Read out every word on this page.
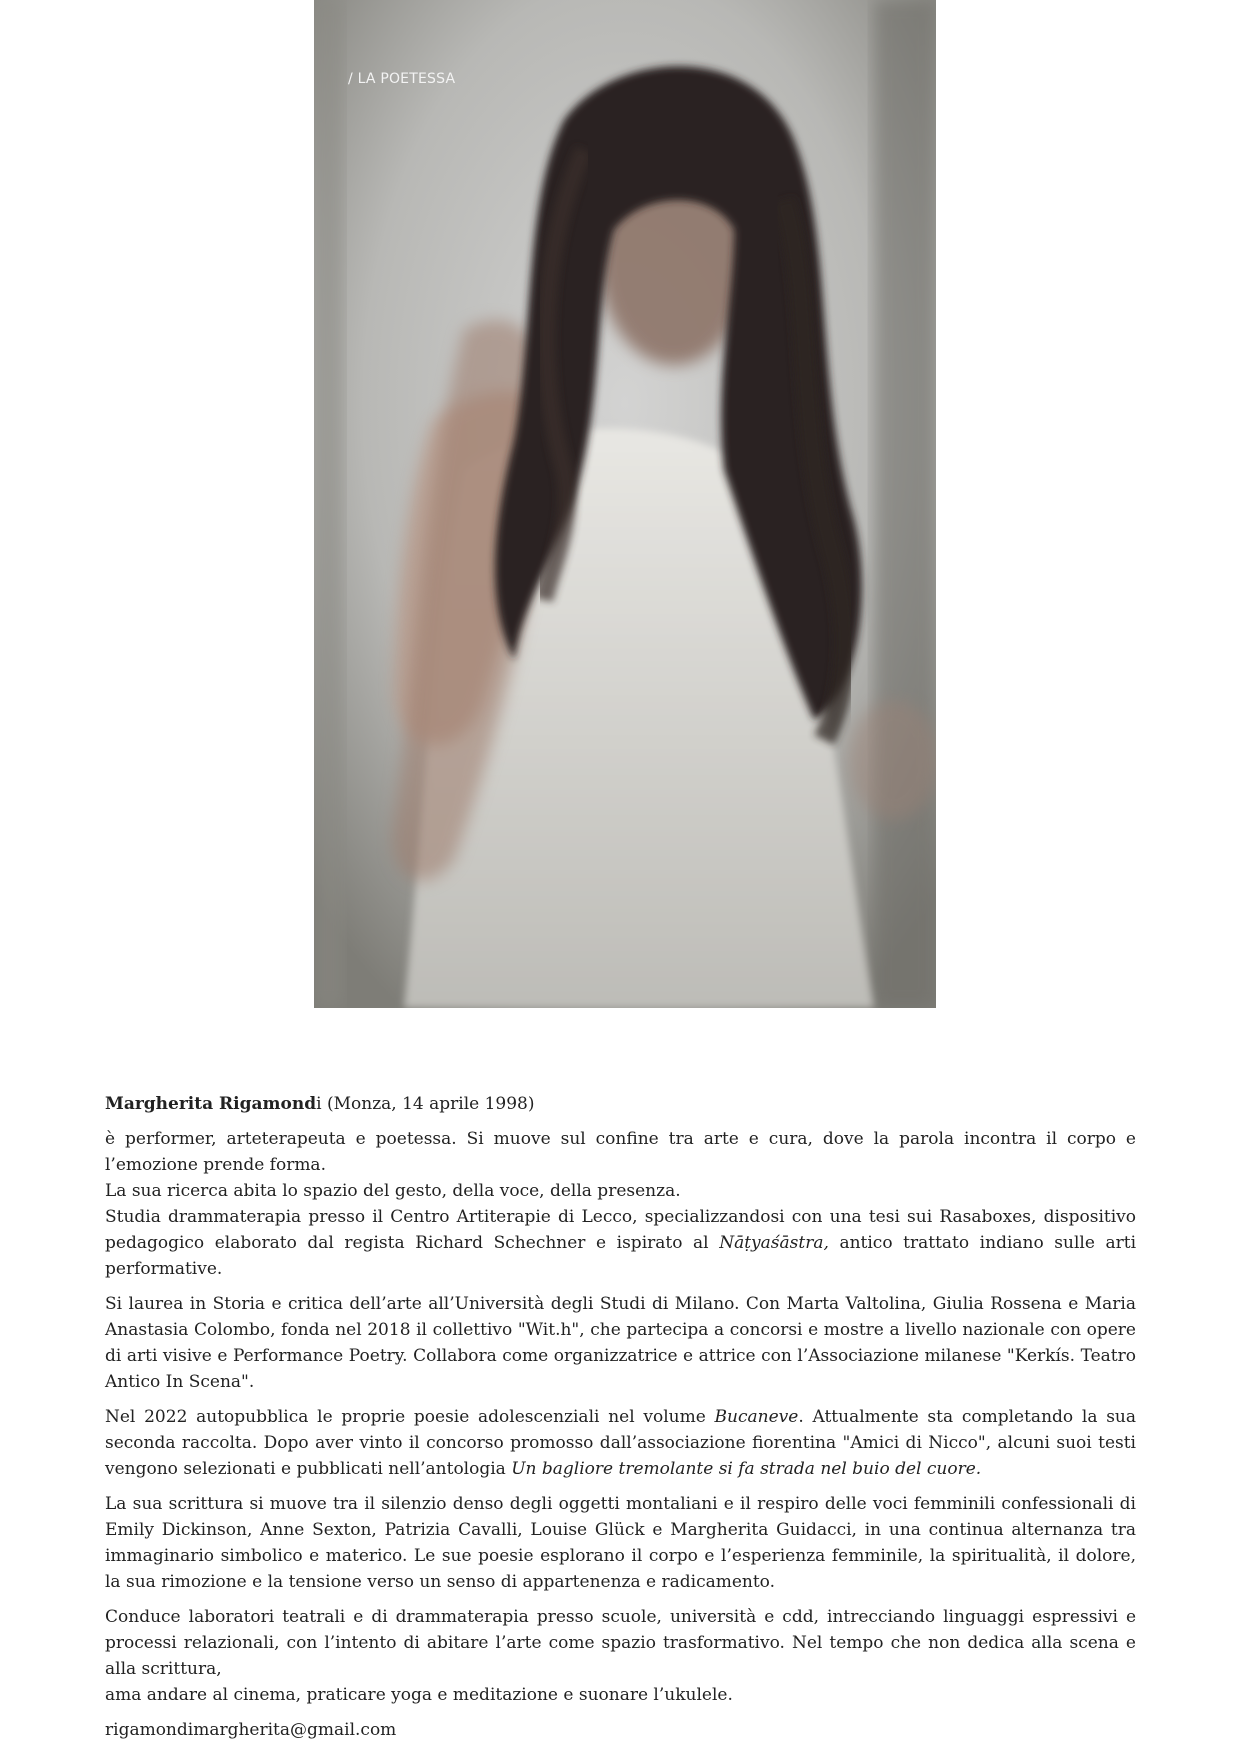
/ LA POETESSA

Margherita Rigamondi (Monza, 14 aprile 1998)

è performer, arteterapeuta e poetessa. Si muove sul confine tra arte e cura, dove la parola incontra il corpo e l’emozione prende forma.
La sua ricerca abita lo spazio del gesto, della voce, della presenza.
Studia drammaterapia presso il Centro Artiterapie di Lecco, specializzandosi con una tesi sui Rasaboxes, dispositivo pedagogico elaborato dal regista Richard Schechner e ispirato al Nāṭyaśāstra, antico trattato indiano sulle arti performative.

Si laurea in Storia e critica dell’arte all’Università degli Studi di Milano. Con Marta Valtolina, Giulia Rossena e Maria Anastasia Colombo, fonda nel 2018 il collettivo "Wit.h", che partecipa a concorsi e mostre a livello nazionale con opere di arti visive e Performance Poetry. Collabora come organizzatrice e attrice con l’Associazione milanese "Kerkís. Teatro Antico In Scena".

Nel 2022 autopubblica le proprie poesie adolescenziali nel volume Bucaneve. Attualmente sta completando la sua seconda raccolta. Dopo aver vinto il concorso promosso dall’associazione fiorentina "Amici di Nicco", alcuni suoi testi vengono selezionati e pubblicati nell’antologia Un bagliore tremolante si fa strada nel buio del cuore.

La sua scrittura si muove tra il silenzio denso degli oggetti montaliani e il respiro delle voci femminili confessionali di Emily Dickinson, Anne Sexton, Patrizia Cavalli, Louise Glück e Margherita Guidacci, in una continua alternanza tra immaginario simbolico e materico. Le sue poesie esplorano il corpo e l’esperienza femminile, la spiritualità, il dolore, la sua rimozione e la tensione verso un senso di appartenenza e radicamento.

Conduce laboratori teatrali e di drammaterapia presso scuole, università e cdd, intrecciando linguaggi espressivi e processi relazionali, con l’intento di abitare l’arte come spazio trasformativo. Nel tempo che non dedica alla scena e alla scrittura,
ama andare al cinema, praticare yoga e meditazione e suonare l’ukulele.

rigamondimargherita@gmail.com
